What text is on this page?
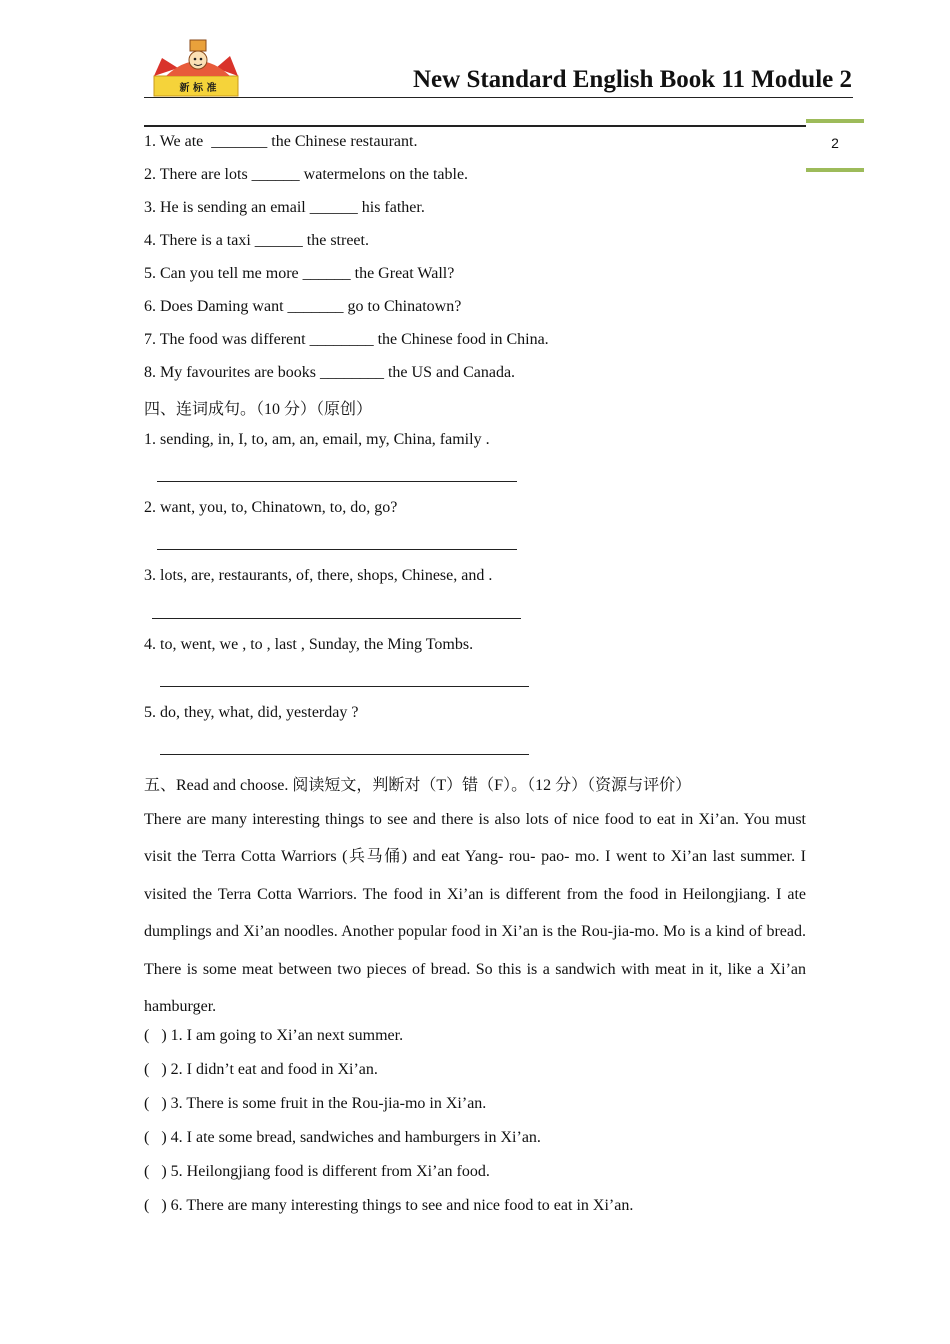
新 标 准	New Standard English Book 11 Module 2
2
1. We ate  _______ the Chinese restaurant.
2. There are lots ______ watermelons on the table.
3. He is sending an email ______ his father.
4. There is a taxi ______ the street.
5. Can you tell me more ______ the Great Wall?
6. Does Daming want _______ go to Chinatown?
7. The food was different ________ the Chinese food in China.
8. My favourites are books ________ the US and Canada.
四、连词成句。（10 分）（原创）
1. sending, in, I, to, am, an, email, my, China, family .
2. want, you, to, Chinatown, to, do, go?
3. lots, are, restaurants, of, there, shops, Chinese, and .
4. to, went, we , to , last , Sunday, the Ming Tombs.
5. do, they, what, did, yesterday ?
五、Read and choose. 阅读短文，判断对（T）错（F）。（12 分）（资源与评价）

There are many interesting things to see and there is also lots of nice food to eat in Xi’an. You must visit the Terra Cotta Warriors (兵马俑) and eat Yang- rou- pao- mo. I went to Xi’an last summer. I visited the Terra Cotta Warriors. The food in Xi’an is different from the food in Heilongjiang. I ate dumplings and Xi’an noodles. Another popular food in Xi’an is the Rou-jia-mo. Mo is a kind of bread. There is some meat between two pieces of bread. So this is a sandwich with meat in it, like a Xi’an hamburger.

(   ) 1. I am going to Xi’an next summer.
(   ) 2. I didn’t eat and food in Xi’an.
(   ) 3. There is some fruit in the Rou-jia-mo in Xi’an.
(   ) 4. I ate some bread, sandwiches and hamburgers in Xi’an.
(   ) 5. Heilongjiang food is different from Xi’an food.
(   ) 6. There are many interesting things to see and nice food to eat in Xi’an.
